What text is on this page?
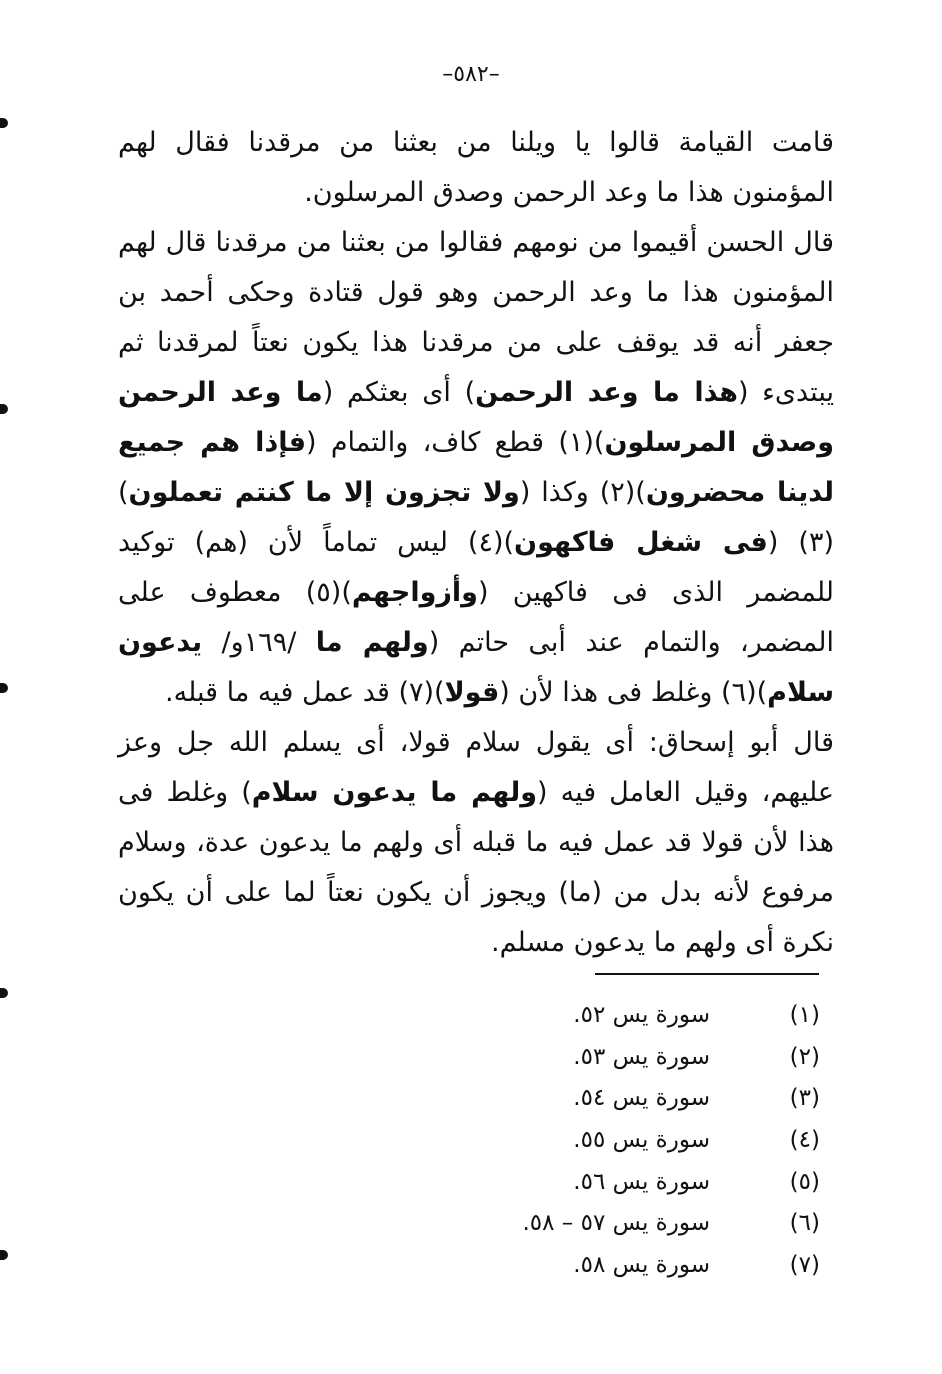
–٥٨٢–

قامت القيامة قالوا يا ويلنا من بعثنا من مرقدنا فقال لهم المؤمنون هذا ما وعد الرحمن وصدق المرسلون.

قال الحسن أقيموا من نومهم فقالوا من بعثنا من مرقدنا قال لهم المؤمنون هذا ما وعد الرحمن وهو قول قتادة وحكى أحمد بن جعفر أنه قد يوقف على من مرقدنا هذا يكون نعتاً لمرقدنا ثم يبتدىء (هذا ما وعد الرحمن) أى بعثكم (ما وعد الرحمن وصدق المرسلون)(١) قطع كاف، والتمام (فإذا هم جميع لدينا محضرون)(٢) وكذا (ولا تجزون إلا ما كنتم تعملون)(٣) (فى شغل فاكهون)(٤) ليس تماماً لأن (هم) توكيد للمضمر الذى فى فاكهين (وأزواجهم)(٥) معطوف على المضمر، والتمام عند أبى حاتم (ولهم ما /١٦٩و/ يدعون سلام)(٦) وغلط فى هذا لأن (قولا)(٧) قد عمل فيه ما قبله.

قال أبو إسحاق: أى يقول سلام قولا، أى يسلم الله جل وعز عليهم، وقيل العامل فيه (ولهم ما يدعون سلام) وغلط فى هذا لأن قولا قد عمل فيه ما قبله أى ولهم ما يدعون عدة، وسلام مرفوع لأنه بدل من (ما) ويجوز أن يكون نعتاً لما على أن يكون نكرة أى ولهم ما يدعون مسلم.

(١)
سورة يس ٥٢.
(٢)
سورة يس ٥٣.
(٣)
سورة يس ٥٤.
(٤)
سورة يس ٥٥.
(٥)
سورة يس ٥٦.
(٦)
سورة يس ٥٧ – ٥٨.
(٧)
سورة يس ٥٨.
